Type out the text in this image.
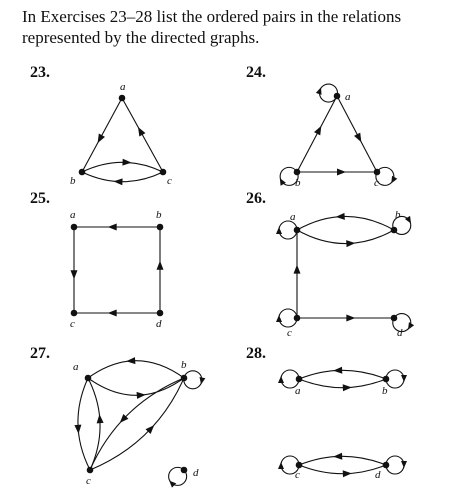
In Exercises 23–28 list the ordered pairs in the relations represented by the directed graphs.
23.	24.
25.	26.
27.	28.
a
b	c
a
b	c
a	b
c	d
a	b
c	d
a	b
c
d
a	b
c	d
